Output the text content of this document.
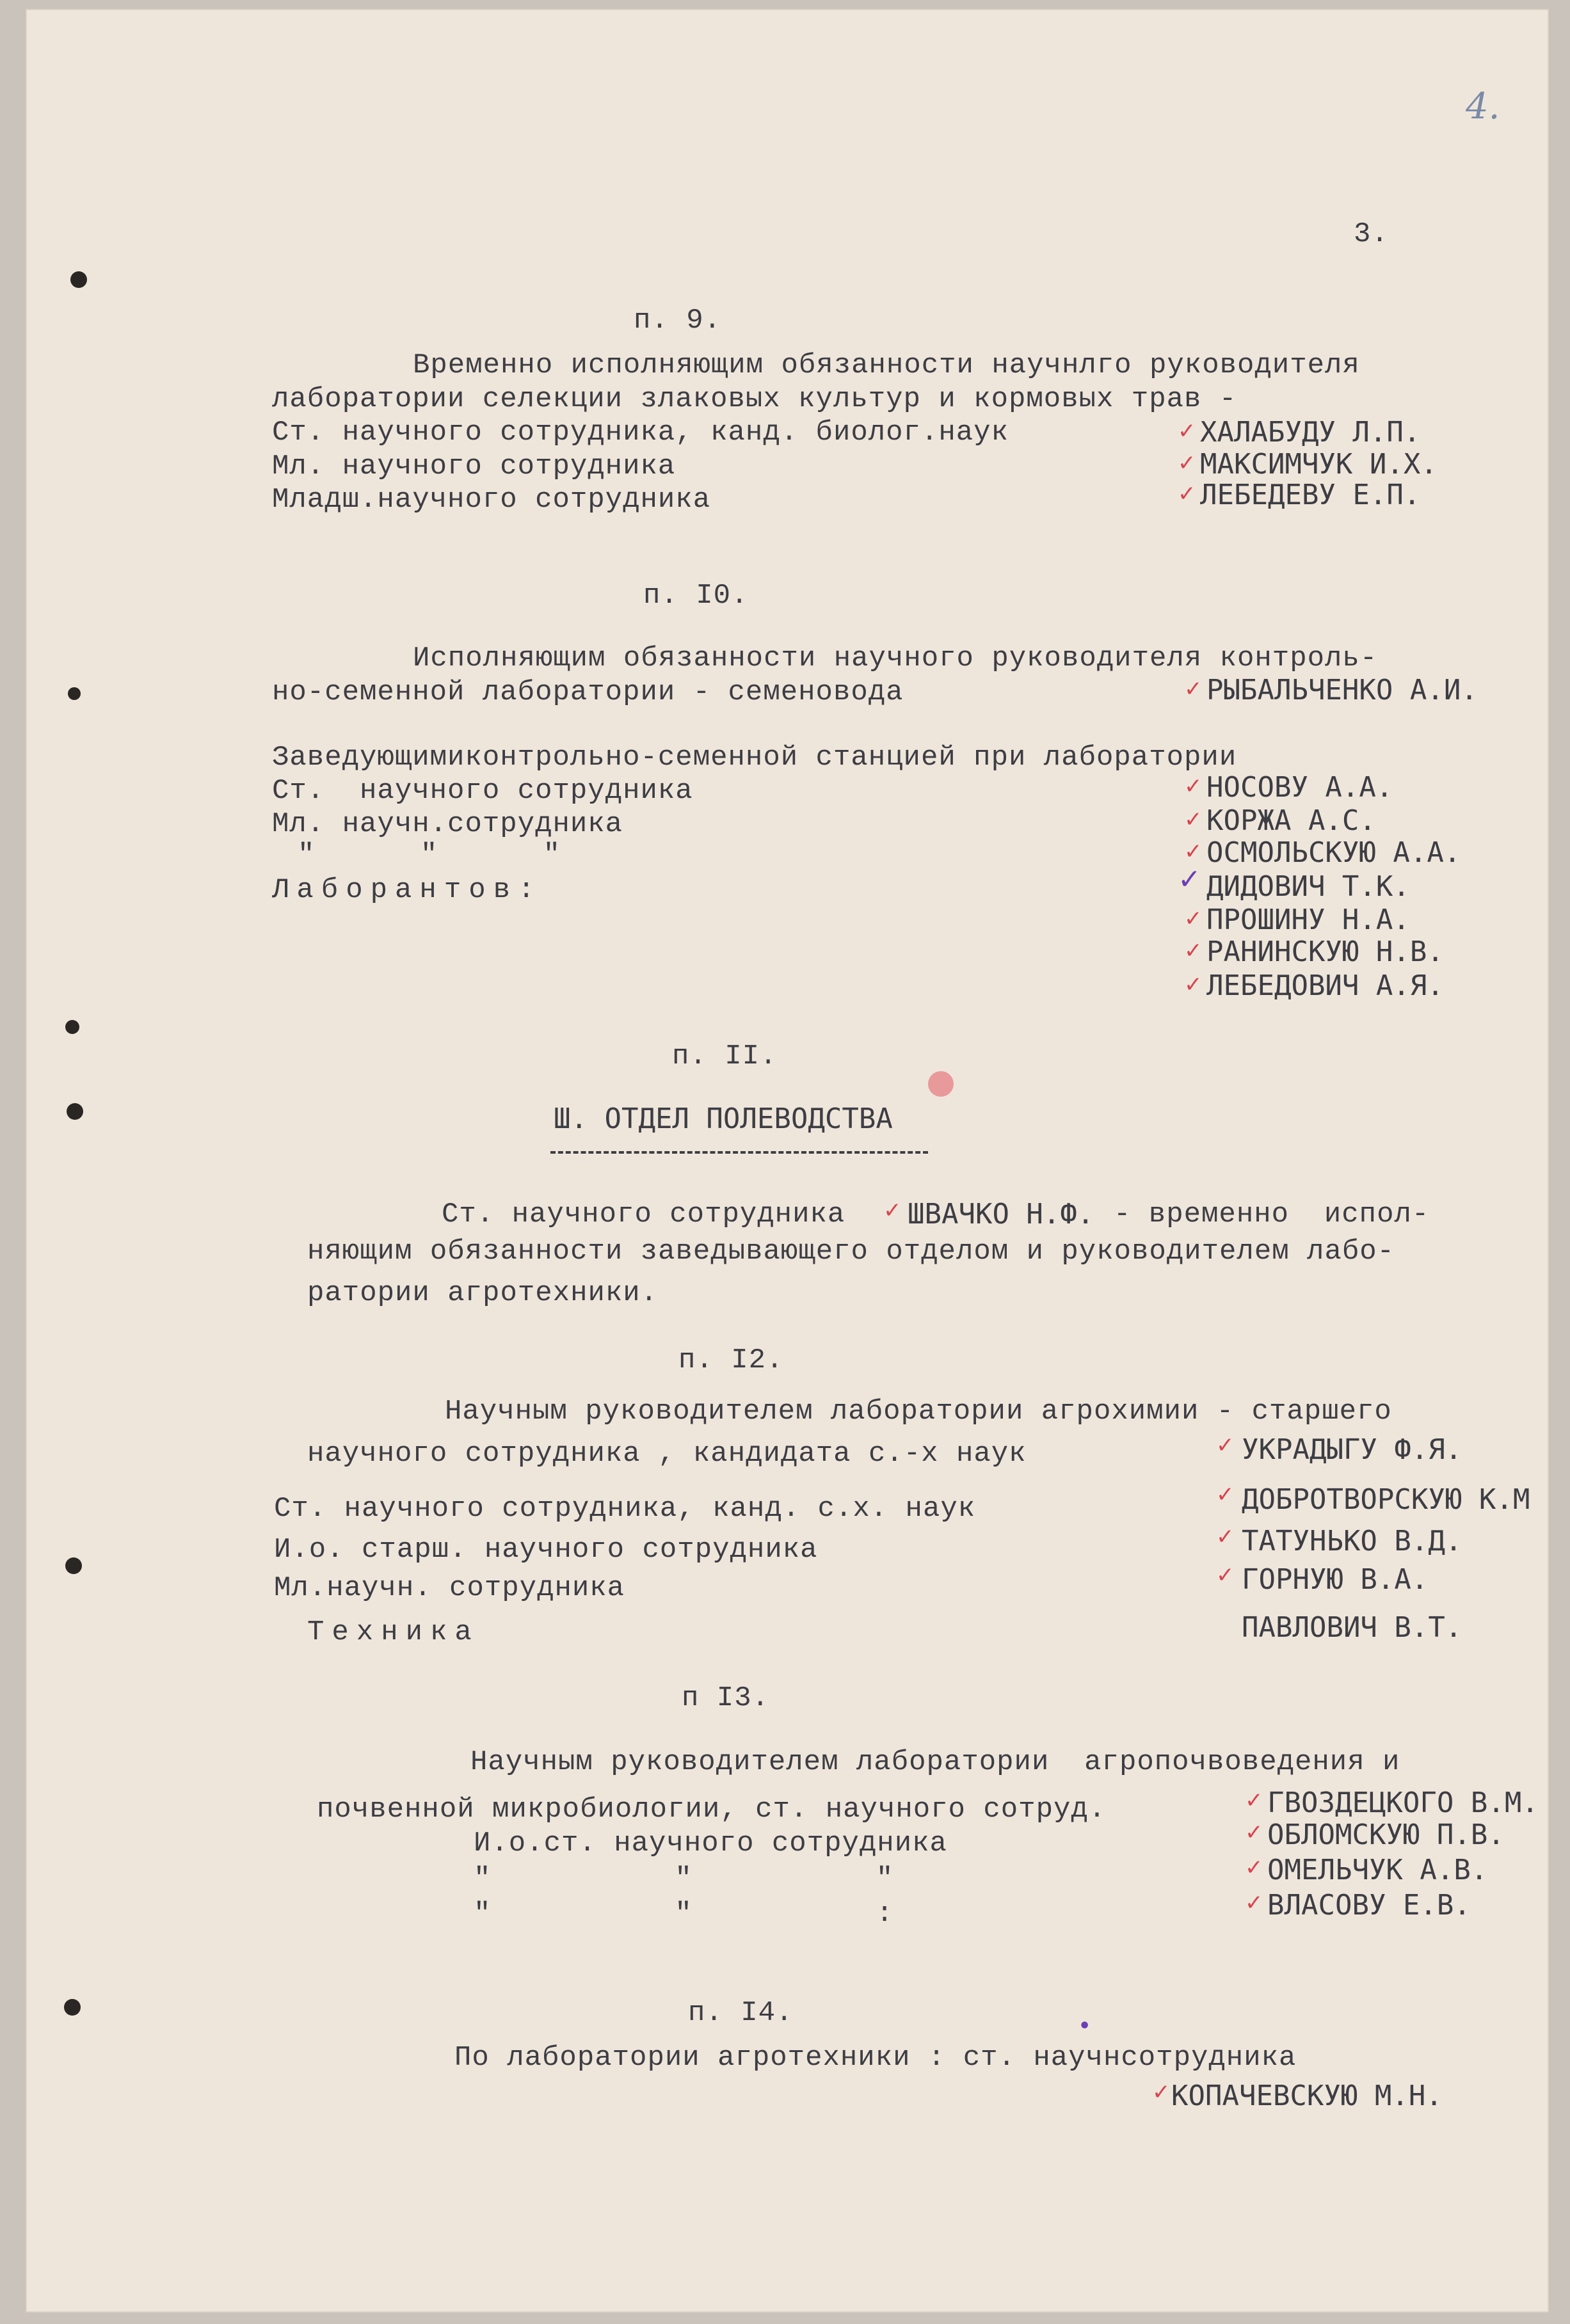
4.
3.
п. 9.
Временно исполняющим обязанности научнлго руководителя
лаборатории селекции злаковых культур и кормовых трав -
Ст. научного сотрудника, канд. биолог.наук	✓ ХАЛАБУДУ Л.П.
Мл. научного сотрудника	✓ МАКСИМЧУК И.Х.
Младш.научного сотрудника	✓ ЛЕБЕДЕВУ Е.П.
п. І0.
Исполняющим обязанности научного руководителя контроль-
но-семенной лаборатории - семеновода	✓ РЫБАЛЬЧЕНКО А.И.
Заведующимиконтрольно-семенной станцией при лаборатории
Ст.  научного сотрудника	✓ НОСОВУ А.А.
Мл. научн.сотрудника	✓ КОРЖА А.С.
"      "      "	✓ ОСМОЛЬСКУЮ А.А.
Лаборантов:	✓ ДИДОВИЧ Т.К.
✓ ПРОШИНУ Н.А.
✓ РАНИНСКУЮ Н.В.
✓ ЛЕБЕДОВИЧ А.Я.
п. ІІ.
Ш. ОТДЕЛ ПОЛЕВОДСТВА
Ст. научного сотрудника ✓ ШВАЧКО Н.Ф. - временно  испол-
няющим обязанности заведывающего отделом и руководителем лабо-
ратории агротехники.
п. І2.
Научным руководителем лаборатории агрохимии - старшего
научного сотрудника , кандидата с.-х наук	✓ УКРАДЫГУ Ф.Я.
Ст. научного сотрудника, канд. с.х. наук	✓ ДОБРОТВОРСКУЮ К.М
И.о. старш. научного сотрудника	✓ ТАТУНЬКО В.Д.
Мл.научн. сотрудника	✓ ГОРНУЮ В.А.
Техника	ПАВЛОВИЧ В.Т.
п І3.
Научным руководителем лаборатории  агропочвоведения и
почвенной микробиологии, ст. научного сотруд.	✓ ГВОЗДЕЦКОГО В.М.
И.о.ст. научного сотрудника	✓ ОБЛОМСКУЮ П.В.
"     "     "	✓ ОМЕЛЬЧУК А.В.
"     "     :	✓ ВЛАСОВУ Е.В.
п. І4.
По лаборатории агротехники : ст. научнсотрудника
•
✓ КОПАЧЕВСКУЮ М.Н.
